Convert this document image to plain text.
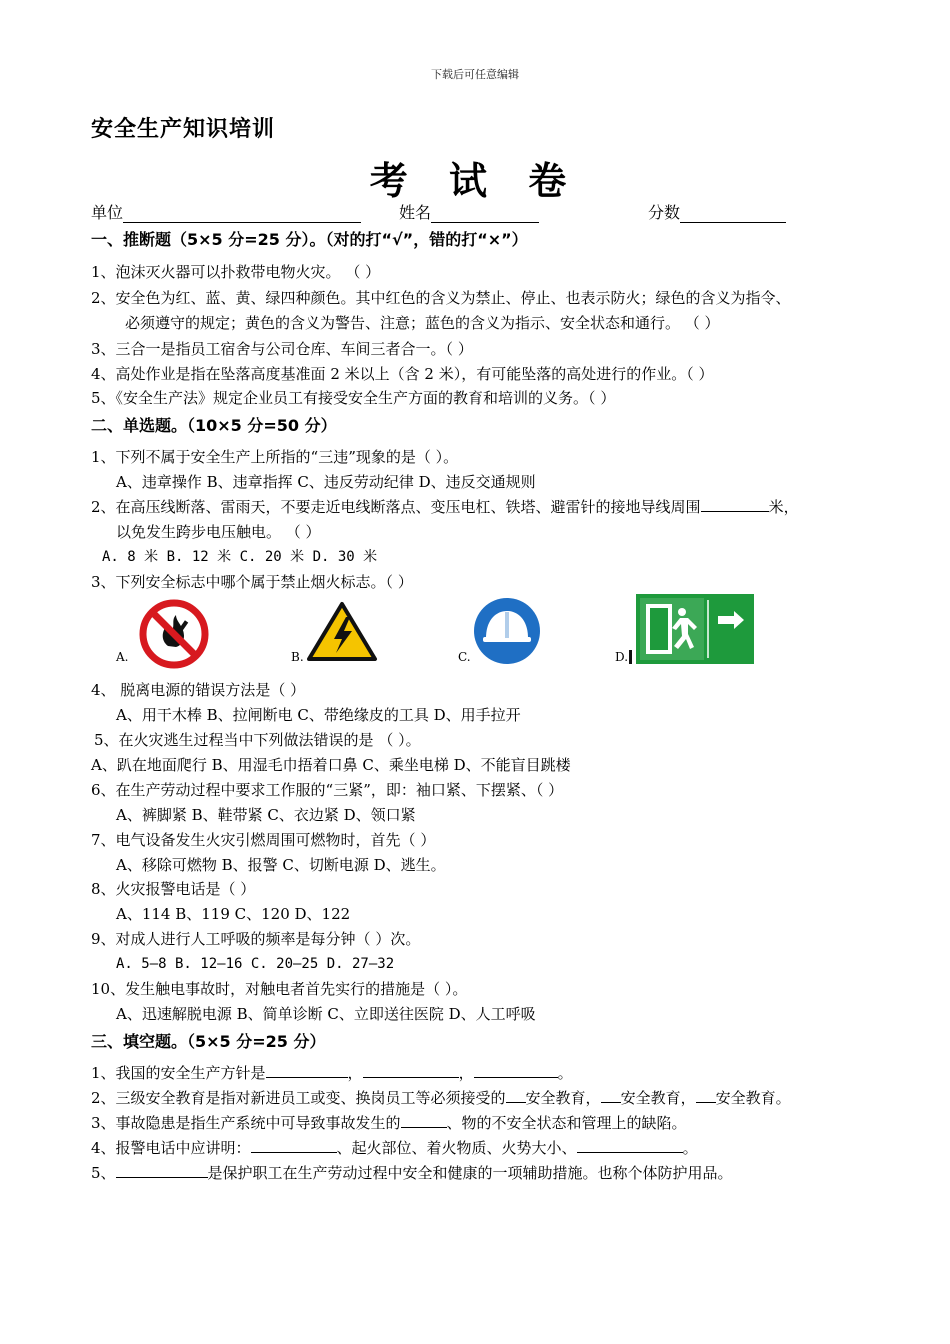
下载后可任意编辑
安全生产知识培训
考 试 卷
单位	姓名	分数
一、推断题（5×5 分=25 分）。（对的打“√”，错的打“×”）
1、泡沫灭火器可以扑救带电物火灾。 （ ）
2、安全色为红、蓝、黄、绿四种颜色。其中红色的含义为禁止、停止、也表示防火；绿色的含义为指令、
必须遵守的规定；黄色的含义为警告、注意；蓝色的含义为指示、安全状态和通行。 （ ）
3、三合一是指员工宿舍与公司仓库、车间三者合一。（ ）
4、高处作业是指在坠落高度基准面 2 米以上（含 2 米），有可能坠落的高处进行的作业。（ ）
5、《安全生产法》规定企业员工有接受安全生产方面的教育和培训的义务。（ ）
二、单选题。（10×5 分=50 分）
1、下列不属于安全生产上所指的“三违”现象的是（ ）。
A、违章操作 B、违章指挥 C、违反劳动纪律 D、违反交通规则
2、在高压线断落、雷雨天，不要走近电线断落点、变压电杠、铁塔、避雷针的接地导线周围	米，
以免发生跨步电压触电。 （ ）
A. 8 米 B. 12 米 C. 20 米 D. 30 米
3、下列安全标志中哪个属于禁止烟火标志。（ ）
A.	B.	C.	D.
4、 脱离电源的错误方法是（ ）
A、用干木棒 B、拉闸断电 C、带绝缘皮的工具 D、用手拉开
5、在火灾逃生过程当中下列做法错误的是 （ ）。
A、趴在地面爬行 B、用湿毛巾捂着口鼻 C、乘坐电梯 D、不能盲目跳楼
6、在生产劳动过程中要求工作服的“三紧”，即：袖口紧、下摆紧、（ ）
A、裤脚紧 B、鞋带紧 C、衣边紧 D、领口紧
7、电气设备发生火灾引燃周围可燃物时，首先（ ）
A、移除可燃物 B、报警 C、切断电源 D、逃生。
8、火灾报警电话是（ ）
A、114 B、119 C、120 D、122
9、对成人进行人工呼吸的频率是每分钟（ ）次。
A. 5—8 B. 12—16 C. 20—25 D. 27—32
10、发生触电事故时，对触电者首先实行的措施是（ ）。
A、迅速解脱电源 B、简单诊断 C、立即送往医院 D、人工呼吸
三、填空题。（5×5 分=25 分）
1、我国的安全生产方针是	，	，	。
2、三级安全教育是指对新进员工或变、换岗员工等必须接受的 安全教育， 安全教育， 安全教育。
3、事故隐患是指生产系统中可导致事故发生的	、物的不安全状态和管理上的缺陷。
4、报警电话中应讲明：	、起火部位、着火物质、火势大小、	。
5、	是保护职工在生产劳动过程中安全和健康的一项辅助措施。也称个体防护用品。
